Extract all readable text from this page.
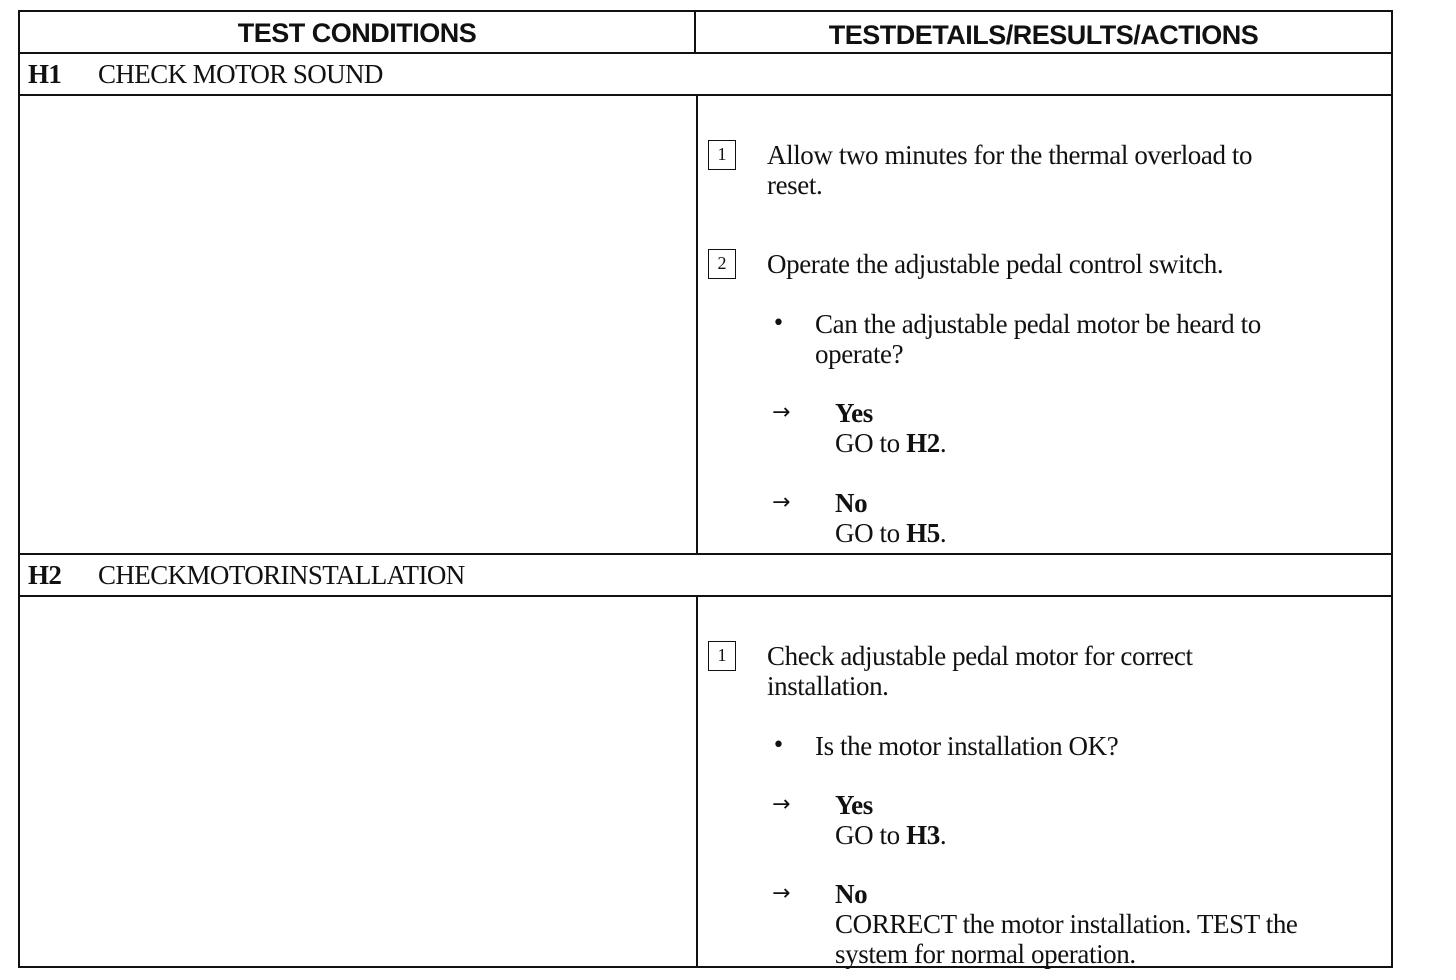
TEST CONDITIONS	TESTDETAILS/RESULTS/ACTIONS
H1 CHECK MOTOR SOUND
1	Allow two minutes for the thermal overload to
reset.
2	Operate the adjustable pedal control switch.
• Can the adjustable pedal motor be heard to
operate?
→ Yes
GO to H2.
→ No
GO to H5.
H2 CHECKMOTORINSTALLATION
1	Check adjustable pedal motor for correct
installation.
• Is the motor installation OK?
→ Yes
GO to H3.
→ No
CORRECT the motor installation. TEST the
system for normal operation.
